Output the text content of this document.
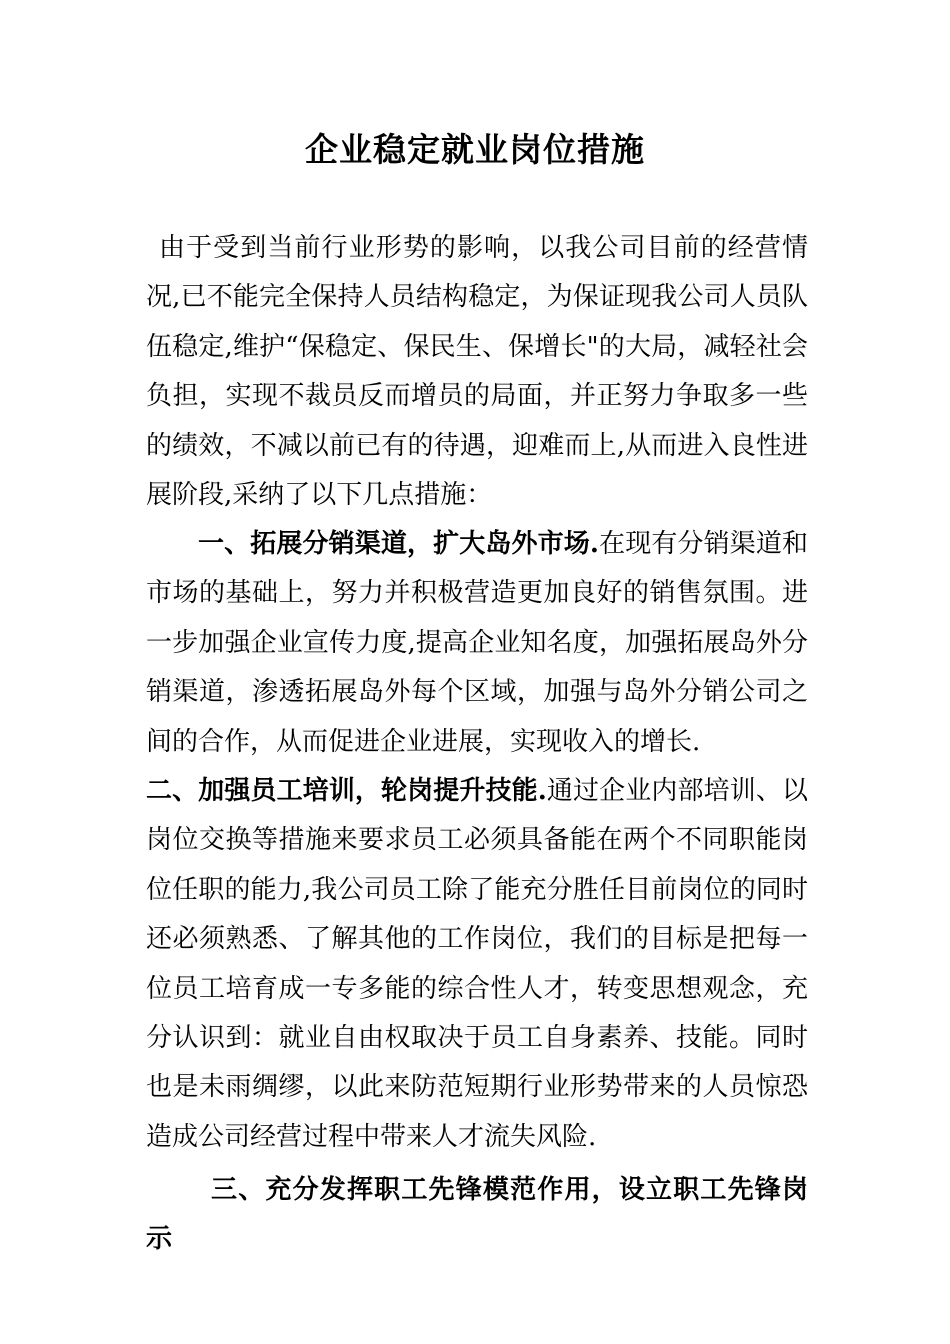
企业稳定就业岗位措施

由于受到当前行业形势的影响，以我公司目前的经营情况,已不能完全保持人员结构稳定，为保证现我公司人员队伍稳定,维护“保稳定、保民生、保增长"的大局，减轻社会负担，实现不裁员反而增员的局面，并正努力争取多一些的绩效，不减以前已有的待遇，迎难而上,从而进入良性进展阶段,采纳了以下几点措施：

一、拓展分销渠道，扩大岛外市场.在现有分销渠道和市场的基础上，努力并积极营造更加良好的销售氛围。进一步加强企业宣传力度,提高企业知名度，加强拓展岛外分销渠道，渗透拓展岛外每个区域，加强与岛外分销公司之间的合作，从而促进企业进展，实现收入的增长.

二、加强员工培训，轮岗提升技能.通过企业内部培训、以岗位交换等措施来要求员工必须具备能在两个不同职能岗位任职的能力,我公司员工除了能充分胜任目前岗位的同时还必须熟悉、了解其他的工作岗位，我们的目标是把每一位员工培育成一专多能的综合性人才，转变思想观念，充分认识到：就业自由权取决于员工自身素养、技能。同时也是未雨绸缪，以此来防范短期行业形势带来的人员惊恐造成公司经营过程中带来人才流失风险.

三、充分发挥职工先锋模范作用，设立职工先锋岗示
